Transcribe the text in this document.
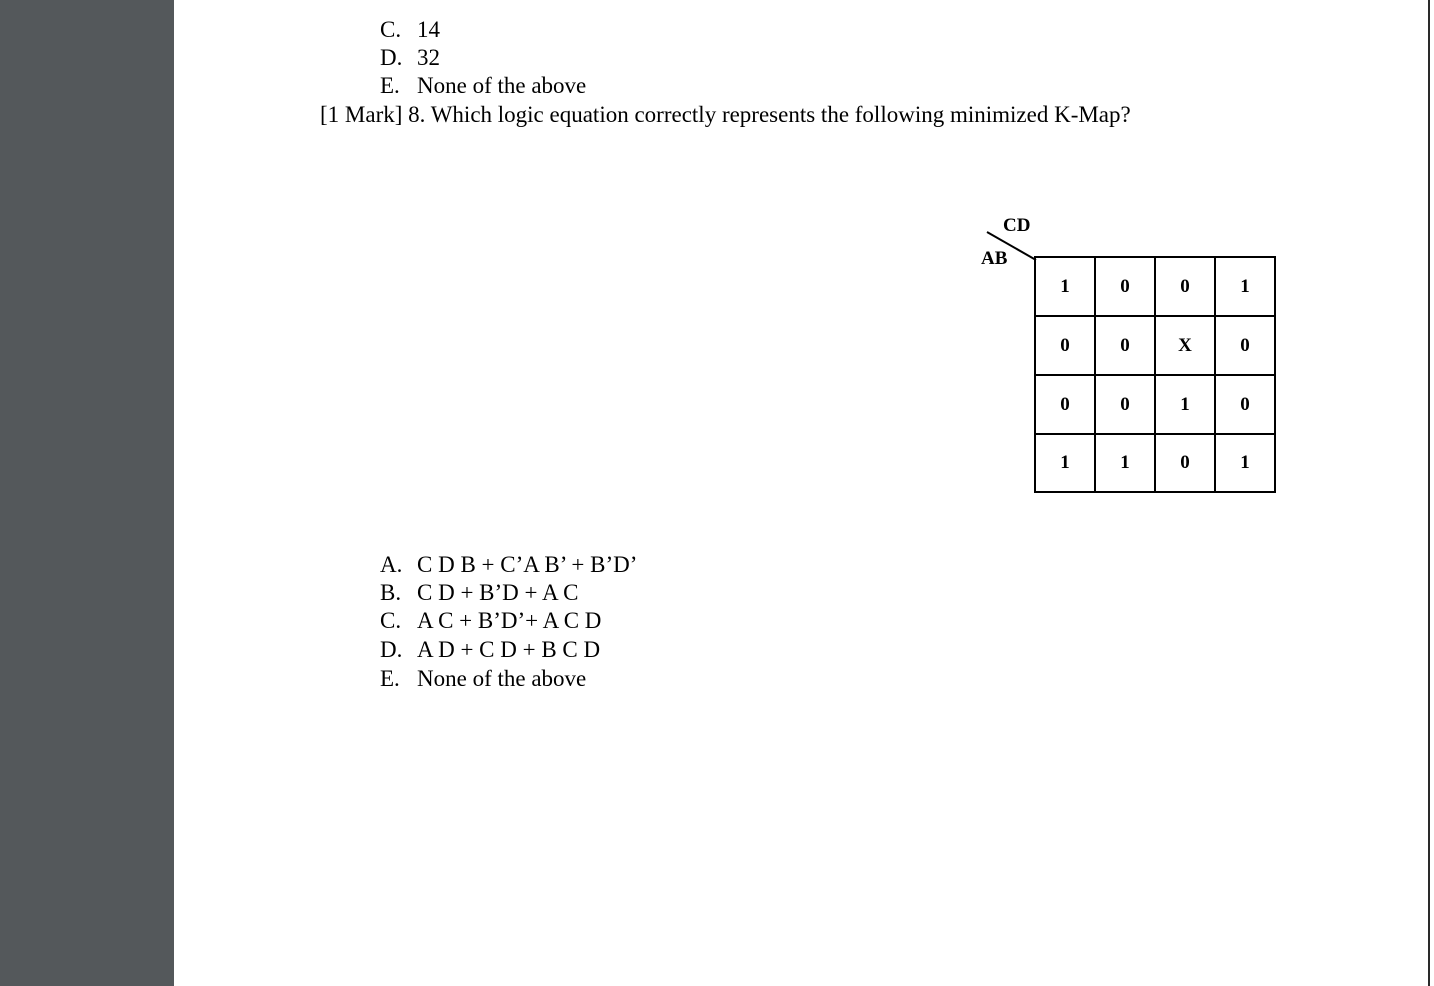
C. 14

D. 32

E. None of the above

[1 Mark] 8. Which logic equation correctly represents the following minimized K-Map?
CD
AB
1	0	0	1
0	0	X	0
0	0	1	0
1	1	0	1

A. C D B + C’A B’ + B’D’

B. C D + B’D + A C

C. A C + B’D’+ A C D

D. A D + C D + B C D

E. None of the above
